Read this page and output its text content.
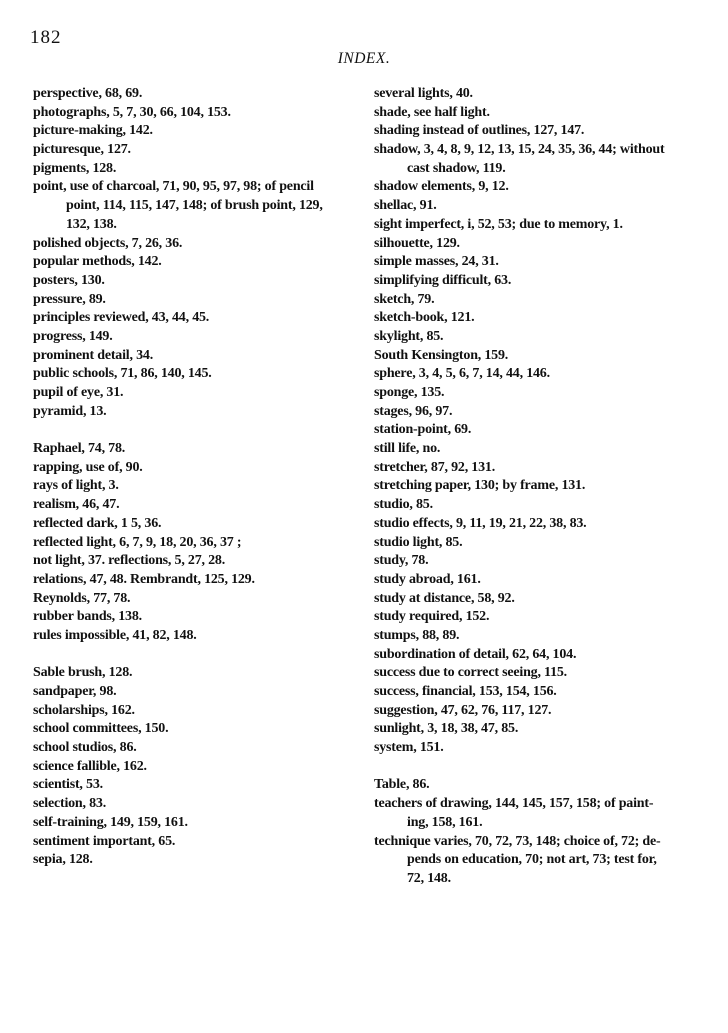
182
INDEX.
perspective, 68, 69.
photographs, 5, 7, 30, 66, 104, 153.
picture-making, 142.
picturesque, 127.
pigments, 128.
point, use of charcoal, 71, 90, 95, 97, 98; of pencil
point, 114, 115, 147, 148; of brush point, 129,
132, 138.
polished objects, 7, 26, 36.
popular methods, 142.
posters, 130.
pressure, 89.
principles reviewed, 43, 44, 45.
progress, 149.
prominent detail, 34.
public schools, 71, 86, 140, 145.
pupil of eye, 31.
pyramid, 13.
Raphael, 74, 78.
rapping, use of, 90.
rays of light, 3.
realism, 46, 47.
reflected dark, 1 5, 36.
reflected light, 6, 7, 9, 18, 20, 36, 37 ;
not light, 37. reflections, 5, 27, 28.
relations, 47, 48. Rembrandt, 125, 129.
Reynolds, 77, 78.
rubber bands, 138.
rules impossible, 41, 82, 148.
Sable brush, 128.
sandpaper, 98.
scholarships, 162.
school committees, 150.
school studios, 86.
science fallible, 162.
scientist, 53.
selection, 83.
self-training, 149, 159, 161.
sentiment important, 65.
sepia, 128.
several lights, 40.
shade, see half light.
shading instead of outlines, 127, 147.
shadow, 3, 4, 8, 9, 12, 13, 15, 24, 35, 36, 44; without
cast shadow, 119.
shadow elements, 9, 12.
shellac, 91.
sight imperfect, i, 52, 53; due to memory, 1.
silhouette, 129.
simple masses, 24, 31.
simplifying difficult, 63.
sketch, 79.
sketch-book, 121.
skylight, 85.
South Kensington, 159.
sphere, 3, 4, 5, 6, 7, 14, 44, 146.
sponge, 135.
stages, 96, 97.
station-point, 69.
still life, no.
stretcher, 87, 92, 131.
stretching paper, 130; by frame, 131.
studio, 85.
studio effects, 9, 11, 19, 21, 22, 38, 83.
studio light, 85.
study, 78.
study abroad, 161.
study at distance, 58, 92.
study required, 152.
stumps, 88, 89.
subordination of detail, 62, 64, 104.
success due to correct seeing, 115.
success, financial, 153, 154, 156.
suggestion, 47, 62, 76, 117, 127.
sunlight, 3, 18, 38, 47, 85.
system, 151.
Table, 86.
teachers of drawing, 144, 145, 157, 158; of paint-
ing, 158, 161.
technique varies, 70, 72, 73, 148; choice of, 72; de-
pends on education, 70; not art, 73; test for,
72, 148.
